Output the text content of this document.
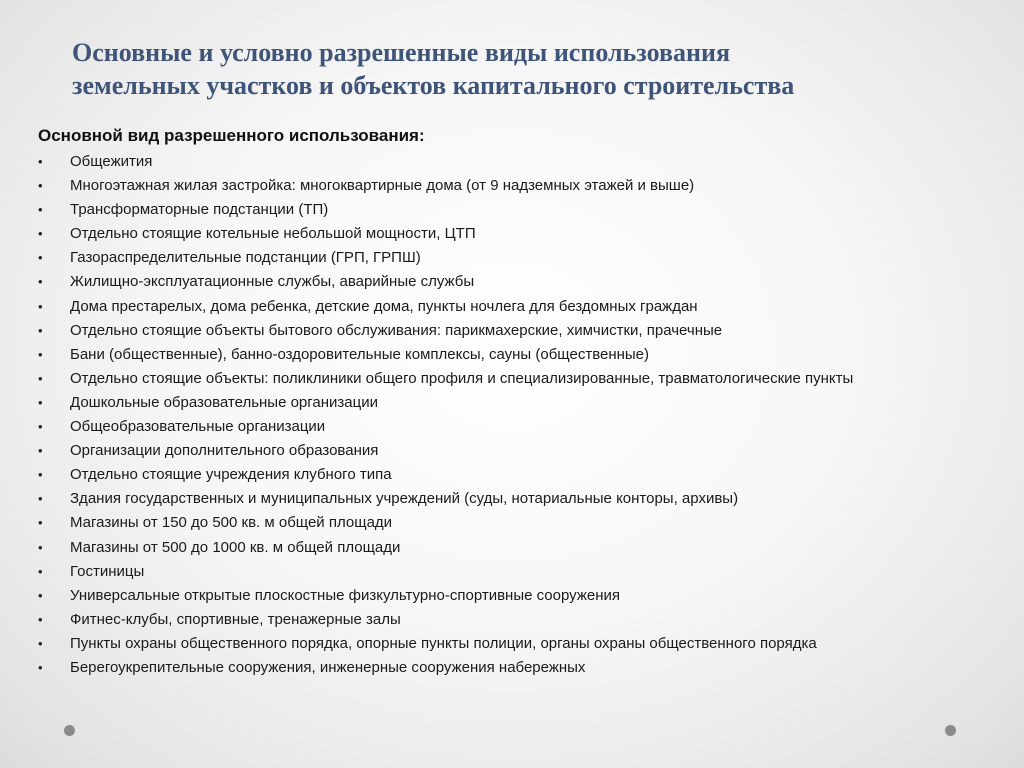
Основные и условно разрешенные виды использования
земельных участков и объектов капитального строительства

Основной вид разрешенного использования:

•	Общежития
•	Многоэтажная жилая застройка: многоквартирные дома (от 9 надземных этажей и выше)
•	Трансформаторные подстанции (ТП)
•	Отдельно стоящие котельные небольшой мощности, ЦТП
•	Газораспределительные подстанции (ГРП, ГРПШ)
•	Жилищно-эксплуатационные службы, аварийные службы
•	Дома престарелых, дома ребенка, детские дома, пункты ночлега для бездомных граждан
•	Отдельно стоящие объекты бытового обслуживания: парикмахерские, химчистки, прачечные
•	Бани (общественные), банно-оздоровительные комплексы, сауны (общественные)
•	Отдельно стоящие объекты: поликлиники общего профиля и специализированные, травматологические пункты
•	Дошкольные образовательные организации
•	Общеобразовательные организации
•	Организации дополнительного образования
•	Отдельно стоящие учреждения клубного типа
•	Здания государственных и муниципальных учреждений (суды, нотариальные конторы, архивы)
•	Магазины от 150 до 500 кв. м общей площади
•	Магазины от 500 до 1000 кв. м общей площади
•	Гостиницы
•	Универсальные открытые плоскостные физкультурно-спортивные сооружения
•	Фитнес-клубы, спортивные, тренажерные залы
•	Пункты охраны общественного порядка, опорные пункты полиции, органы охраны общественного порядка
•	Берегоукрепительные сооружения, инженерные сооружения набережных
